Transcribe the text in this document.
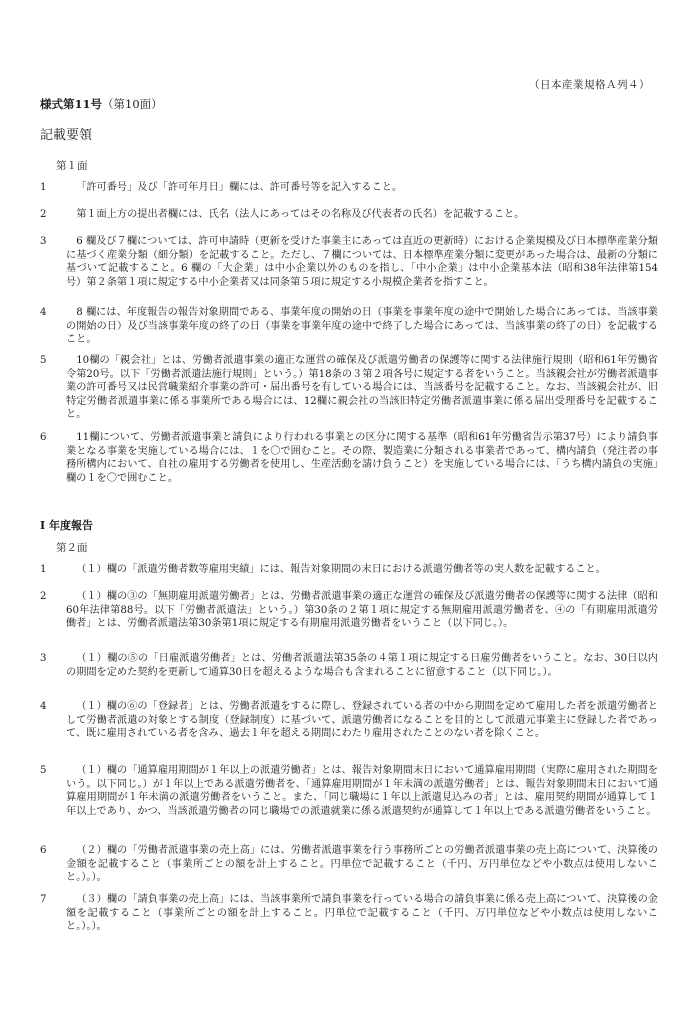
（日本産業規格Ａ列４）
様式第11号（第10面）
記載要領
第１面
1	「許可番号」及び「許可年月日」欄には、許可番号等を記入すること。
2	第１面上方の提出者欄には、氏名（法人にあってはその名称及び代表者の氏名）を記載すること。
3	6 欄及び７欄については、許可申請時（更新を受けた事業主にあっては直近の更新時）における企業規模及び日本標準産業分類に基づく産業分類（細分類）を記載すること。ただし、７欄については、日本標準産業分類に変更があった場合は、最新の分類に基づいて記載すること。6 欄の「大企業」は中小企業以外のものを指し、「中小企業」は中小企業基本法（昭和38年法律第154号）第２条第１項に規定する中小企業者又は同条第５項に規定する小規模企業者を指すこと。
4	8 欄には、年度報告の報告対象期間である、事業年度の開始の日（事業を事業年度の途中で開始した場合にあっては、当該事業の開始の日）及び当該事業年度の終了の日（事業を事業年度の途中で終了した場合にあっては、当該事業の終了の日）を記載すること。
5	10欄の「親会社」とは、労働者派遣事業の適正な運営の確保及び派遣労働者の保護等に関する法律施行規則（昭和61年労働省令第20号。以下「労働者派遣法施行規則」という。）第18条の３第２項各号に規定する者をいうこと。当該親会社が労働者派遣事業の許可番号又は民営職業紹介事業の許可・届出番号を有している場合には、当該番号を記載すること。なお、当該親会社が、旧特定労働者派遣事業に係る事業所である場合には、12欄に親会社の当該旧特定労働者派遣事業に係る届出受理番号を記載すること。
6	11欄について、労働者派遣事業と請負により行われる事業との区分に関する基準（昭和61年労働省告示第37号）により請負事業となる事業を実施している場合には、１を〇で囲むこと。その際、製造業に分類される事業者であって、構内請負（発注者の事務所構内において、自社の雇用する労働者を使用し、生産活動を請け負うこと）を実施している場合には、「うち構内請負の実施」欄の１を〇で囲むこと。
Ⅰ 年度報告
第２面
1	（１）欄の「派遣労働者数等雇用実績」には、報告対象期間の末日における派遣労働者等の実人数を記載すること。
2	（１）欄の③の「無期雇用派遣労働者」とは、労働者派遣事業の適正な運営の確保及び派遣労働者の保護等に関する法律（昭和60年法律第88号。以下「労働者派遣法」という。）第30条の２第１項に規定する無期雇用派遣労働者を、④の「有期雇用派遣労働者」とは、労働者派遣法第30条第1項に規定する有期雇用派遣労働者をいうこと（以下同じ。）。
3	（１）欄の⑤の「日雇派遣労働者」とは、労働者派遣法第35条の４第１項に規定する日雇労働者をいうこと。なお、30日以内の期間を定めた契約を更新して通算30日を超えるような場合も含まれることに留意すること（以下同じ。）。
4	（１）欄の⑥の「登録者」とは、労働者派遣をするに際し、登録されている者の中から期間を定めて雇用した者を派遣労働者として労働者派遣の対象とする制度（登録制度）に基づいて、派遣労働者になることを目的として派遣元事業主に登録した者であって、既に雇用されている者を含み、過去１年を超える期間にわたり雇用されたことのない者を除くこと。
5	（１）欄の「通算雇用期間が１年以上の派遣労働者」とは、報告対象期間末日において通算雇用期間（実際に雇用された期間をいう。以下同じ。）が１年以上である派遣労働者を、「通算雇用期間が１年未満の派遣労働者」とは、報告対象期間末日において通算雇用期間が１年未満の派遣労働者をいうこと。また、「同じ職場に１年以上派遣見込みの者」とは、雇用契約期間が通算して１年以上であり、かつ、当該派遣労働者の同じ職場での派遣就業に係る派遣契約が通算して１年以上である派遣労働者をいうこと。
6	（２）欄の「労働者派遣事業の売上高」には、労働者派遣事業を行う事務所ごとの労働者派遣事業の売上高について、決算後の金額を記載すること（事業所ごとの額を計上すること。円単位で記載すること（千円、万円単位などや小数点は使用しないこと。）。）。
7	（３）欄の「請負事業の売上高」には、当該事業所で請負事業を行っている場合の請負事業に係る売上高について、決算後の金額を記載すること（事業所ごとの額を計上すること。円単位で記載すること（千円、万円単位などや小数点は使用しないこと。）。）。
